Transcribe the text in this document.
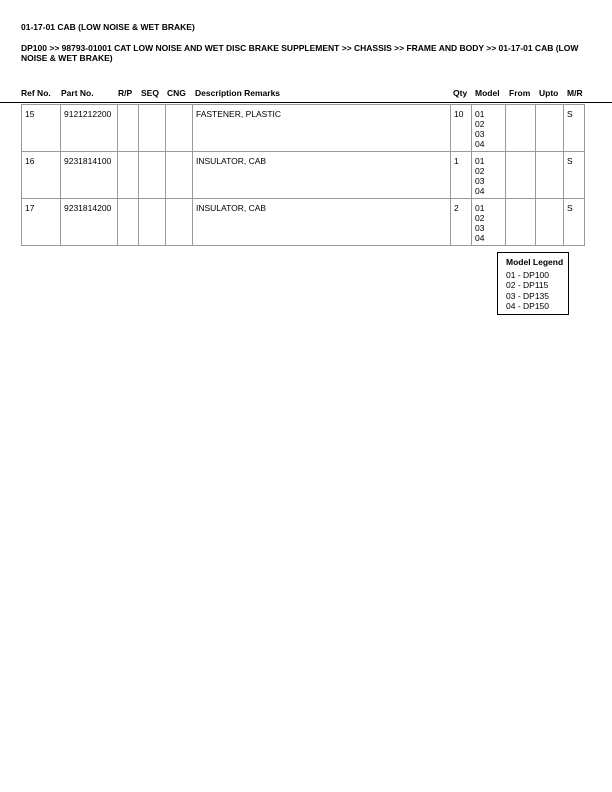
01-17-01 CAB (LOW NOISE & WET BRAKE)
DP100 >> 98793-01001 CAT LOW NOISE AND WET DISC BRAKE SUPPLEMENT >> CHASSIS >> FRAME AND BODY >> 01-17-01 CAB (LOW NOISE & WET BRAKE)
Ref No. Part No.	R/P SEQ CNG Description Remarks	Qty Model From Upto M/R
15	9121212200				FASTENER, PLASTIC	10	01
02
03
04			S
16	9231814100				INSULATOR, CAB	1	01
02
03
04			S
17	9231814200				INSULATOR, CAB	2	01
02
03
04			S
Model Legend
01 - DP100
02 - DP115
03 - DP135
04 - DP150
